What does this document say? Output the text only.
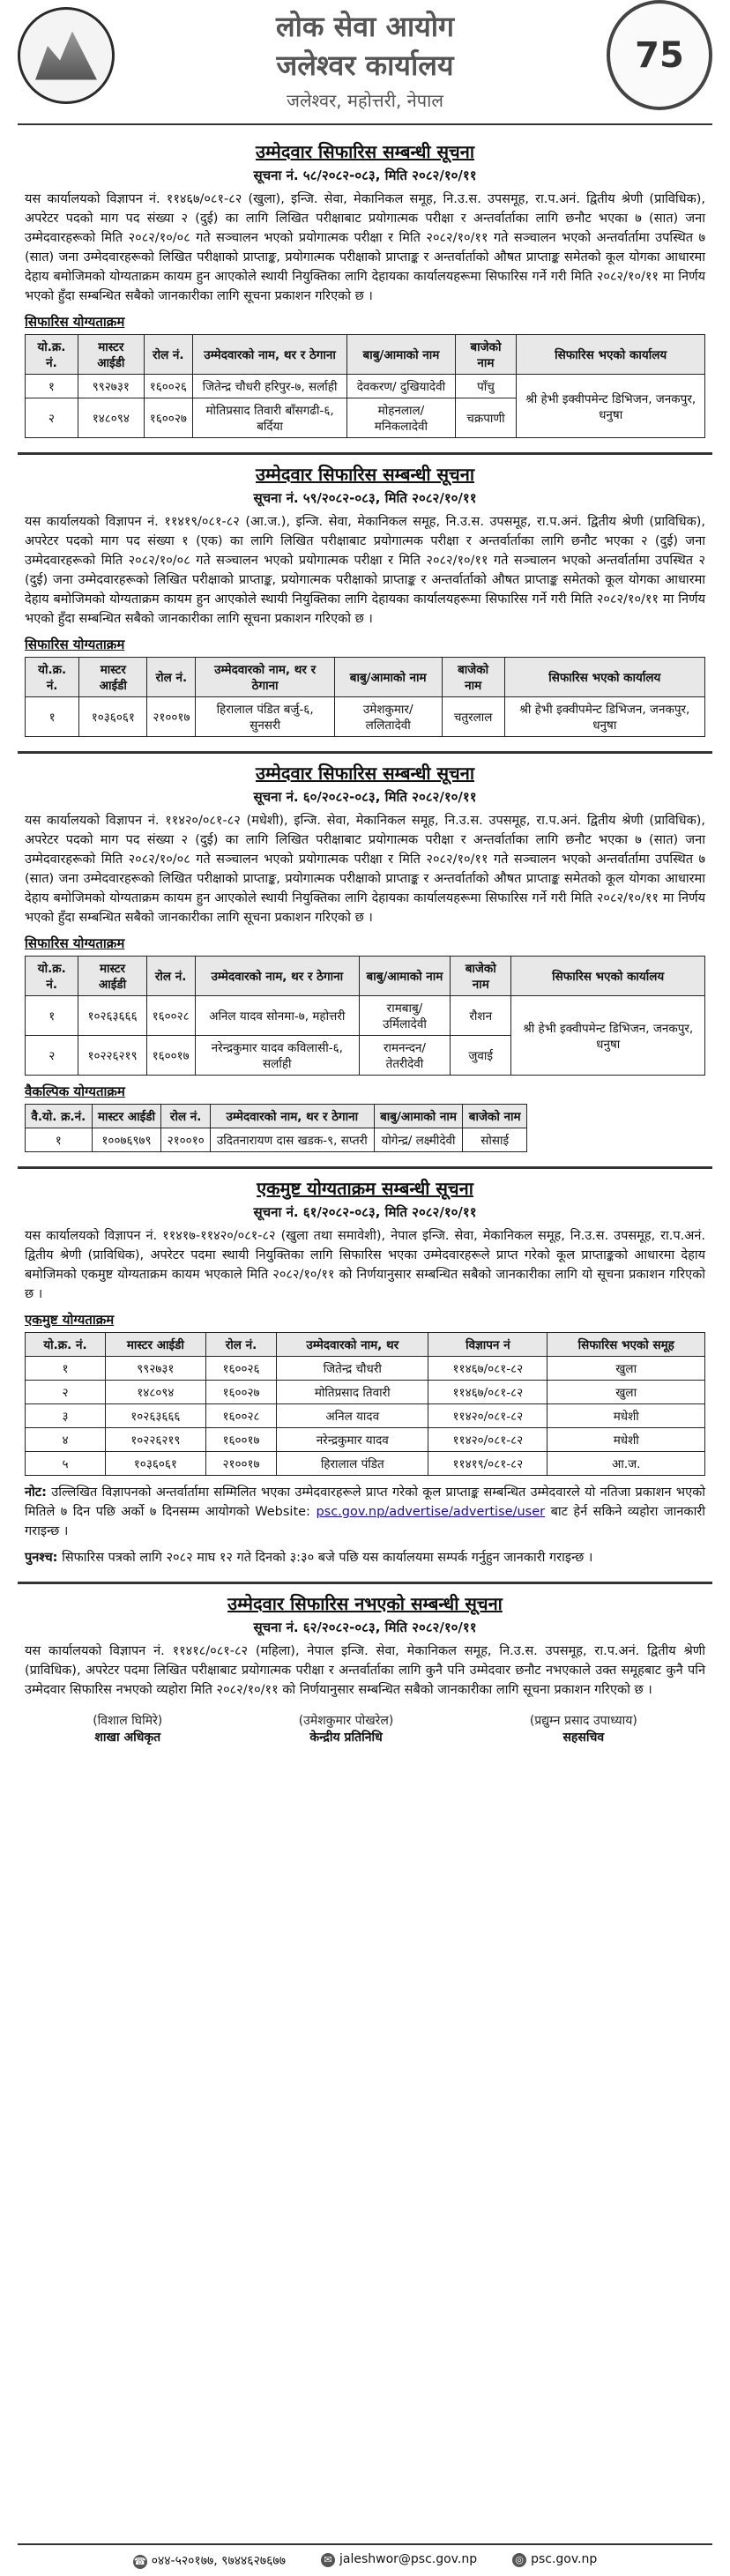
लोक सेवा आयोग
जलेश्वर कार्यालय
जलेश्वर, महोत्तरी, नेपाल
75
उम्मेदवार सिफारिस सम्बन्धी सूचना
सूचना नं. ५८/२०८२-०८३, मिति २०८२/१०/११
यस कार्यालयको विज्ञापन नं. ११४६७/०८१-८२ (खुला), इन्जि. सेवा, मेकानिकल समूह, नि.उ.स. उपसमूह, रा.प.अनं. द्वितीय श्रेणी (प्राविधिक), अपरेटर पदको माग पद संख्या २ (दुई) का लागि लिखित परीक्षाबाट प्रयोगात्मक परीक्षा र अन्तर्वार्ताका लागि छनौट भएका ७ (सात) जना उम्मेदवारहरूको मिति २०८२/१०/०८ गते सञ्चालन भएको प्रयोगात्मक परीक्षा र मिति २०८२/१०/११ गते सञ्चालन भएको अन्तर्वार्तामा उपस्थित ७ (सात) जना उम्मेदवारहरूको लिखित परीक्षाको प्राप्ताङ्क, प्रयोगात्मक परीक्षाको प्राप्ताङ्क र अन्तर्वार्ताको औषत प्राप्ताङ्क समेतको कूल योगका आधारमा देहाय बमोजिमको योग्यताक्रम कायम हुन आएकोले स्थायी नियुक्तिका लागि देहायका कार्यालयहरूमा सिफारिस गर्ने गरी मिति २०८२/१०/११ मा निर्णय भएको हुँदा सम्बन्धित सबैको जानकारीका लागि सूचना प्रकाशन गरिएको छ ।
सिफारिस योग्यताक्रम
यो.क्र. नं.	मास्टर आईडी	रोल नं.	उम्मेदवारको नाम, थर र ठेगाना	बाबु/आमाको नाम	बाजेको नाम	सिफारिस भएको कार्यालय
१	९९२७३१	१६००२६	जितेन्द्र चौधरी हरिपुर-७, सर्लाही	देवकरण/ दुखियादेवी	पाँचु	श्री हेभी इक्वीपमेन्ट डिभिजन, जनकपुर, धनुषा
२	१४८०९४	१६००२७	मोतिप्रसाद तिवारी बाँसगढी-६, बर्दिया	मोहनलाल/ मनिकलादेवी	चक्रपाणी	
उम्मेदवार सिफारिस सम्बन्धी सूचना
सूचना नं. ५९/२०८२-०८३, मिति २०८२/१०/११
यस कार्यालयको विज्ञापन नं. ११४१९/०८१-८२ (आ.ज.), इन्जि. सेवा, मेकानिकल समूह, नि.उ.स. उपसमूह, रा.प.अनं. द्वितीय श्रेणी (प्राविधिक), अपरेटर पदको माग पद संख्या १ (एक) का लागि लिखित परीक्षाबाट प्रयोगात्मक परीक्षा र अन्तर्वार्ताका लागि छनौट भएका २ (दुई) जना उम्मेदवारहरूको मिति २०८२/१०/०८ गते सञ्चालन भएको प्रयोगात्मक परीक्षा र मिति २०८२/१०/११ गते सञ्चालन भएको अन्तर्वार्तामा उपस्थित २ (दुई) जना उम्मेदवारहरूको लिखित परीक्षाको प्राप्ताङ्क, प्रयोगात्मक परीक्षाको प्राप्ताङ्क र अन्तर्वार्ताको औषत प्राप्ताङ्क समेतको कूल योगका आधारमा देहाय बमोजिमको योग्यताक्रम कायम हुन आएकोले स्थायी नियुक्तिका लागि देहायका कार्यालयहरूमा सिफारिस गर्ने गरी मिति २०८२/१०/११ मा निर्णय भएको हुँदा सम्बन्धित सबैको जानकारीका लागि सूचना प्रकाशन गरिएको छ ।
सिफारिस योग्यताक्रम
यो.क्र. नं.	मास्टर आईडी	रोल नं.	उम्मेदवारको नाम, थर र ठेगाना	बाबु/आमाको नाम	बाजेको नाम	सिफारिस भएको कार्यालय
१	१०३६०६१	२१००१७	हिरालाल पंडित बर्जु-६, सुनसरी	उमेशकुमार/ ललितादेवी	चतुरलाल	श्री हेभी इक्वीपमेन्ट डिभिजन, जनकपुर, धनुषा
उम्मेदवार सिफारिस सम्बन्धी सूचना
सूचना नं. ६०/२०८२-०८३, मिति २०८२/१०/११
यस कार्यालयको विज्ञापन नं. ११४२०/०८१-८२ (मधेशी), इन्जि. सेवा, मेकानिकल समूह, नि.उ.स. उपसमूह, रा.प.अनं. द्वितीय श्रेणी (प्राविधिक), अपरेटर पदको माग पद संख्या २ (दुई) का लागि लिखित परीक्षाबाट प्रयोगात्मक परीक्षा र अन्तर्वार्ताका लागि छनौट भएका ७ (सात) जना उम्मेदवारहरूको मिति २०८२/१०/०८ गते सञ्चालन भएको प्रयोगात्मक परीक्षा र मिति २०८२/१०/११ गते सञ्चालन भएको अन्तर्वार्तामा उपस्थित ७ (सात) जना उम्मेदवारहरूको लिखित परीक्षाको प्राप्ताङ्क, प्रयोगात्मक परीक्षाको प्राप्ताङ्क र अन्तर्वार्ताको औषत प्राप्ताङ्क समेतको कूल योगका आधारमा देहाय बमोजिमको योग्यताक्रम कायम हुन आएकोले स्थायी नियुक्तिका लागि देहायका कार्यालयहरूमा सिफारिस गर्ने गरी मिति २०८२/१०/११ मा निर्णय भएको हुँदा सम्बन्धित सबैको जानकारीका लागि सूचना प्रकाशन गरिएको छ ।
सिफारिस योग्यताक्रम
यो.क्र. नं.	मास्टर आईडी	रोल नं.	उम्मेदवारको नाम, थर र ठेगाना	बाबु/आमाको नाम	बाजेको नाम	सिफारिस भएको कार्यालय
१	१०२६३६६६	१६००२८	अनिल यादव सोनमा-७, महोत्तरी	रामबाबु/ उर्मिलादेवी	रौशन	श्री हेभी इक्वीपमेन्ट डिभिजन, जनकपुर, धनुषा
२	१०२२६२१९	१६००१७	नरेन्द्रकुमार यादव कविलासी-६, सर्लाही	रामनन्दन/ तेतरीदेवी	जुवाई	
वैकल्पिक योग्यताक्रम
वै.यो. क्र.नं.	मास्टर आईडी	रोल नं.	उम्मेदवारको नाम, थर र ठेगाना	बाबु/आमाको नाम	बाजेको नाम
१	१००७६९७९	२१००१०	उदितनारायण दास खडक-९, सप्तरी	योगेन्द्र/ लक्ष्मीदेवी	सोसाई
एकमुष्ट योग्यताक्रम सम्बन्धी सूचना
सूचना नं. ६१/२०८२-०८३, मिति २०८२/१०/११
यस कार्यालयको विज्ञापन नं. ११४१७-११४२०/०८१-८२ (खुला तथा समावेशी), नेपाल इन्जि. सेवा, मेकानिकल समूह, नि.उ.स. उपसमूह, रा.प.अनं. द्वितीय श्रेणी (प्राविधिक), अपरेटर पदमा स्थायी नियुक्तिका लागि सिफारिस भएका उम्मेदवारहरूले प्राप्त गरेको कूल प्राप्ताङ्कको आधारमा देहाय बमोजिमको एकमुष्ट योग्यताक्रम कायम भएकाले मिति २०८२/१०/११ को निर्णयानुसार सम्बन्धित सबैको जानकारीका लागि यो सूचना प्रकाशन गरिएको छ ।
एकमुष्ट योग्यताक्रम
यो.क्र. नं.	मास्टर आईडी	रोल नं.	उम्मेदवारको नाम, थर	विज्ञापन नं	सिफारिस भएको समूह
१	९९२७३१	१६००२६	जितेन्द्र चौधरी	११४६७/०८१-८२	खुला
२	१४८०९४	१६००२७	मोतिप्रसाद तिवारी	११४६७/०८१-८२	खुला
३	१०२६३६६६	१६००२८	अनिल यादव	११४२०/०८१-८२	मधेशी
४	१०२२६२१९	१६००१७	नरेन्द्रकुमार यादव	११४२०/०८१-८२	मधेशी
५	१०३६०६१	२१००१७	हिरालाल पंडित	११४१९/०८१-८२	आ.ज.
नोट: उल्लिखित विज्ञापनको अन्तर्वार्तामा सम्मिलित भएका उम्मेदवारहरूले प्राप्त गरेको कूल प्राप्ताङ्क सम्बन्धित उम्मेदवारले यो नतिजा प्रकाशन भएको मितिले ७ दिन पछि अर्को ७ दिनसम्म आयोगको Website: psc.gov.np/advertise/advertise/user बाट हेर्न सकिने व्यहोरा जानकारी गराइन्छ ।
पुनश्च: सिफारिस पत्रको लागि २०८२ माघ १२ गते दिनको ३:३० बजे पछि यस कार्यालयमा सम्पर्क गर्नुहुन जानकारी गराइन्छ ।
उम्मेदवार सिफारिस नभएको सम्बन्धी सूचना
सूचना नं. ६२/२०८२-०८३, मिति २०८२/१०/११
यस कार्यालयको विज्ञापन नं. ११४१८/०८१-८२ (महिला), नेपाल इन्जि. सेवा, मेकानिकल समूह, नि.उ.स. उपसमूह, रा.प.अनं. द्वितीय श्रेणी (प्राविधिक), अपरेटर पदमा लिखित परीक्षाबाट प्रयोगात्मक परीक्षा र अन्तर्वार्ताका लागि कुनै पनि उम्मेदवार छनौट नभएकाले उक्त समूहबाट कुनै पनि उम्मेदवार सिफारिस नभएको व्यहोरा मिति २०८२/१०/११ को निर्णयानुसार सम्बन्धित सबैको जानकारीका लागि सूचना प्रकाशन गरिएको छ ।
(विशाल घिमिरे)
शाखा अधिकृत
(उमेशकुमार पोखरेल)
केन्द्रीय प्रतिनिधि
(प्रद्युम्न प्रसाद उपाध्याय)
सहसचिव
☎ ०४४-५२०१७७, ९७४४६२७६७७	✉ jaleshwor@psc.gov.np	◎ psc.gov.np
